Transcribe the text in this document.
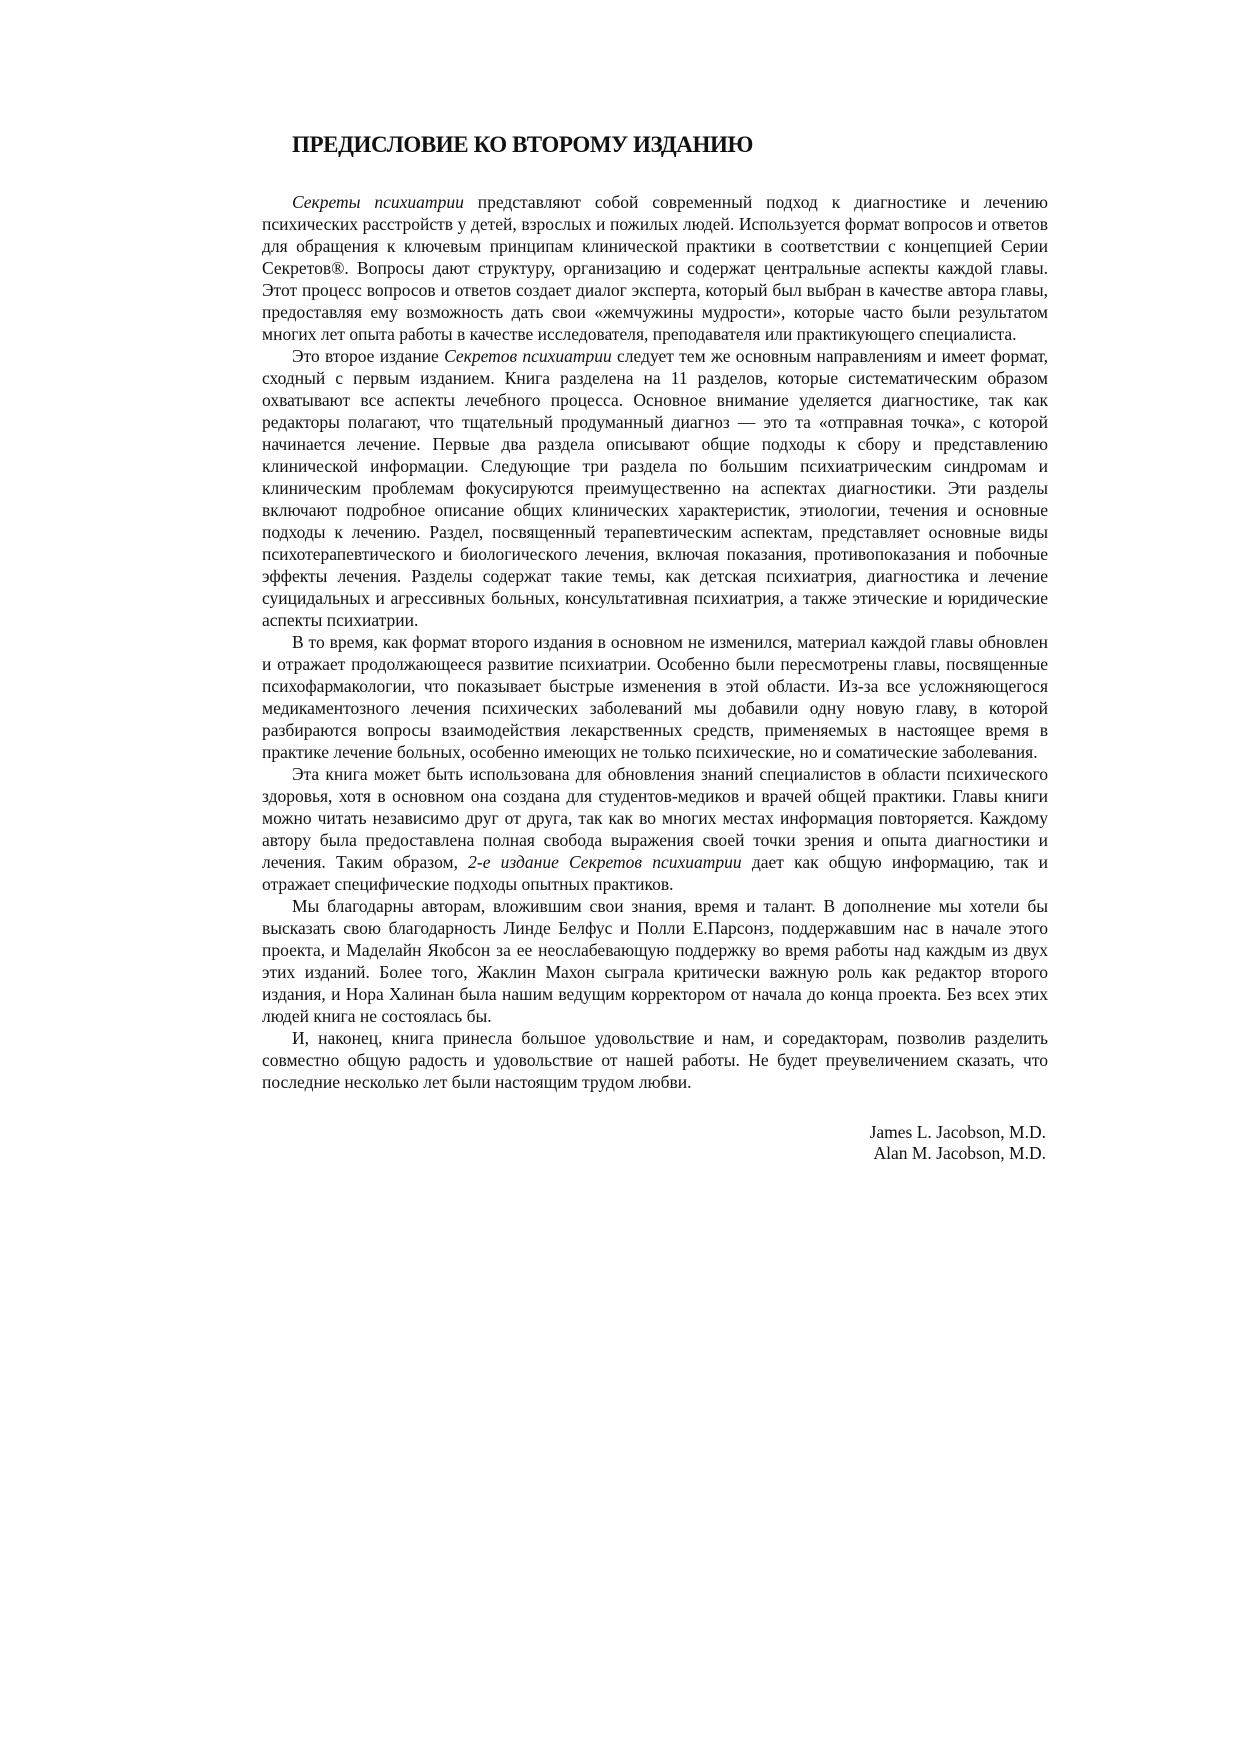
ПРЕДИСЛОВИЕ КО ВТОРОМУ ИЗДАНИЮ

Секреты психиатрии представляют собой современный подход к диагностике и лечению психических расстройств у детей, взрослых и пожилых людей. Используется формат вопросов и ответов для обращения к ключевым принципам клинической практики в соответствии с концепцией Серии Секретов®. Вопросы дают структуру, организацию и содержат центральные аспекты каждой главы. Этот процесс вопросов и ответов создает диалог эксперта, который был выбран в качестве автора главы, предоставляя ему возможность дать свои «жемчужины мудрости», которые часто были результатом многих лет опыта работы в качестве исследователя, преподавателя или практикующего специалиста.

Это второе издание Секретов психиатрии следует тем же основным направлениям и имеет формат, сходный с первым изданием. Книга разделена на 11 разделов, которые систематическим образом охватывают все аспекты лечебного процесса. Основное внимание уделяется диагностике, так как редакторы полагают, что тщательный продуманный диагноз — это та «отправная точка», с которой начинается лечение. Первые два раздела описывают общие подходы к сбору и представлению клинической информации. Следующие три раздела по большим психиатрическим синдромам и клиническим проблемам фокусируются преимущественно на аспектах диагностики. Эти разделы включают подробное описание общих клинических характеристик, этиологии, течения и основные подходы к лечению. Раздел, посвященный терапевтическим аспектам, представляет основные виды психотерапевтического и биологического лечения, включая показания, противопоказания и побочные эффекты лечения. Разделы содержат такие темы, как детская психиатрия, диагностика и лечение суицидальных и агрессивных больных, консультативная психиатрия, а также этические и юридические аспекты психиатрии.

В то время, как формат второго издания в основном не изменился, материал каждой главы обновлен и отражает продолжающееся развитие психиатрии. Особенно были пересмотрены главы, посвященные психофармакологии, что показывает быстрые изменения в этой области. Из-за все усложняющегося медикаментозного лечения психических заболеваний мы добавили одну новую главу, в которой разбираются вопросы взаимодействия лекарственных средств, применяемых в настоящее время в практике лечение больных, особенно имеющих не только психические, но и соматические заболевания.

Эта книга может быть использована для обновления знаний специалистов в области психического здоровья, хотя в основном она создана для студентов-медиков и врачей общей практики. Главы книги можно читать независимо друг от друга, так как во многих местах информация повторяется. Каждому автору была предоставлена полная свобода выражения своей точки зрения и опыта диагностики и лечения. Таким образом, 2-е издание Секретов психиатрии дает как общую информацию, так и отражает специфические подходы опытных практиков.

Мы благодарны авторам, вложившим свои знания, время и талант. В дополнение мы хотели бы высказать свою благодарность Линде Белфус и Полли Е.Парсонз, поддержавшим нас в начале этого проекта, и Маделайн Якобсон за ее неослабевающую поддержку во время работы над каждым из двух этих изданий. Более того, Жаклин Махон сыграла критически важную роль как редактор второго издания, и Нора Халинан была нашим ведущим корректором от начала до конца проекта. Без всех этих людей книга не состоялась бы.

И, наконец, книга принесла большое удовольствие и нам, и соредакторам, позволив разделить совместно общую радость и удовольствие от нашей работы. Не будет преувеличением сказать, что последние несколько лет были настоящим трудом любви.

James L. Jacobson, M.D.
Alan M. Jacobson, M.D.
